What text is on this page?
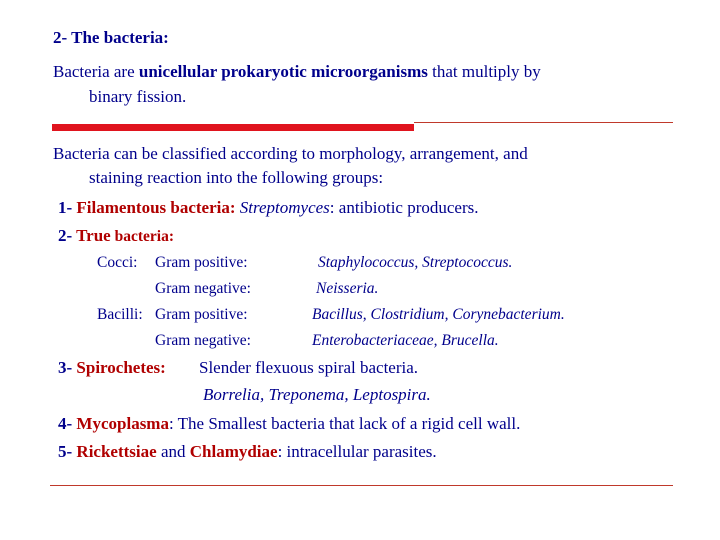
2- The bacteria:
Bacteria are unicellular prokaryotic microorganisms that multiply by
binary fission.
Bacteria can be classified according to morphology, arrangement, and
staining reaction into the following groups:
1- Filamentous bacteria: Streptomyces: antibiotic producers.
2- True bacteria:
Cocci: Gram positive:	Staphylococcus, Streptococcus.
Gram negative:	Neisseria.
Bacilli: Gram positive:	Bacillus, Clostridium, Corynebacterium.
Gram negative:	Enterobacteriaceae, Brucella.
3- Spirochetes: Slender flexuous spiral bacteria.
Borrelia, Treponema, Leptospira.
4- Mycoplasma: The Smallest bacteria that lack of a rigid cell wall.
5- Rickettsiae and Chlamydiae: intracellular parasites.
